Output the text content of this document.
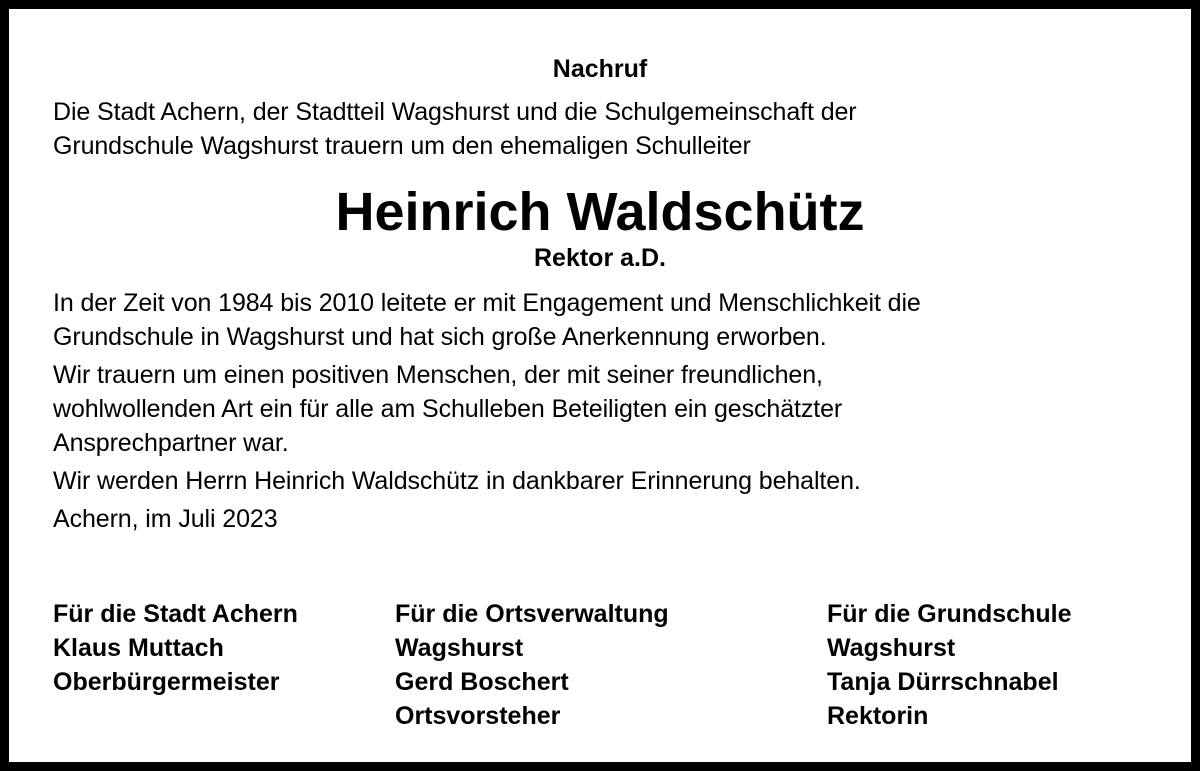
Nachruf
Die Stadt Achern, der Stadtteil Wagshurst und die Schulgemeinschaft der
Grundschule Wagshurst trauern um den ehemaligen Schulleiter
Heinrich Waldschütz
Rektor a.D.
In der Zeit von 1984 bis 2010 leitete er mit Engagement und Menschlichkeit die
Grundschule in Wagshurst und hat sich große Anerkennung erworben.
Wir trauern um einen positiven Menschen, der mit seiner freundlichen,
wohlwollenden Art ein für alle am Schulleben Beteiligten ein geschätzter
Ansprechpartner war.
Wir werden Herrn Heinrich Waldschütz in dankbarer Erinnerung behalten.
Achern, im Juli 2023
Für die Stadt Achern
Klaus Muttach
Oberbürgermeister
Für die Ortsverwaltung
Wagshurst
Gerd Boschert
Ortsvorsteher
Für die Grundschule
Wagshurst
Tanja Dürrschnabel
Rektorin
